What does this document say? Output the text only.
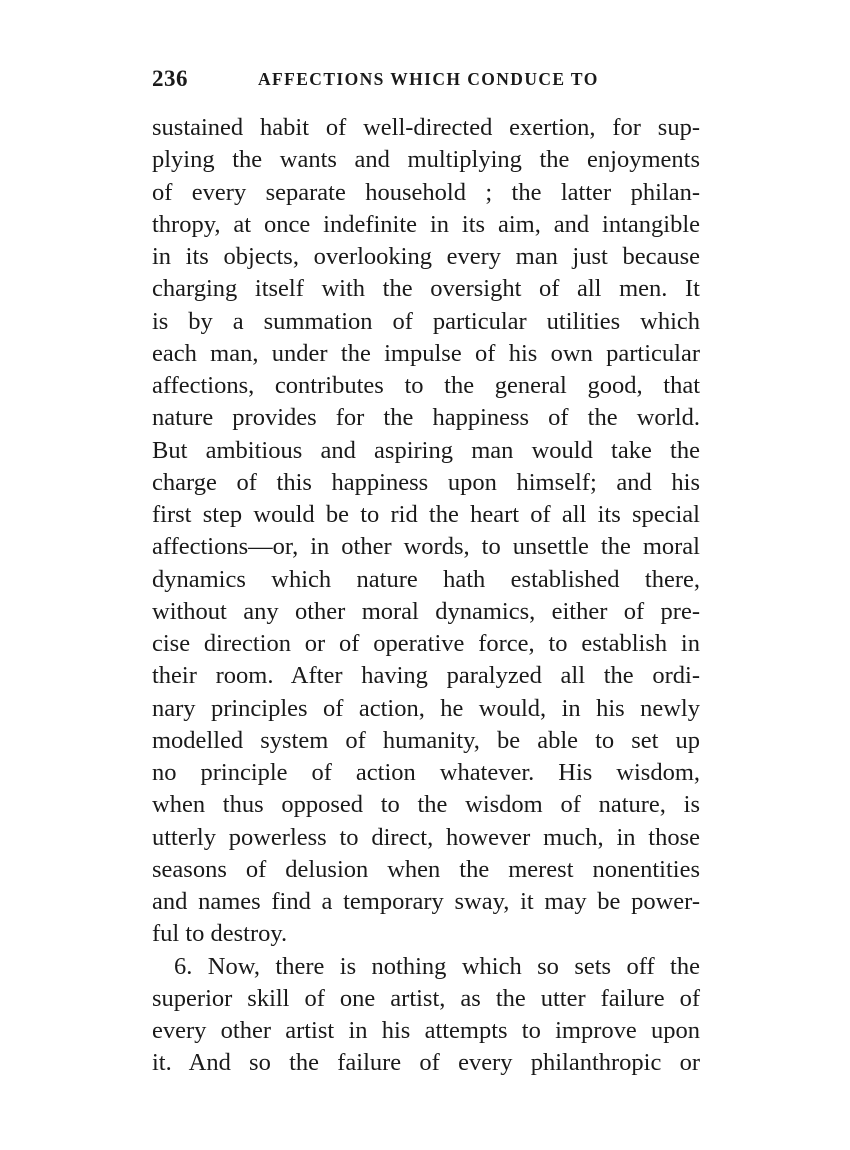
236	AFFECTIONS WHICH CONDUCE TO
sustained habit of well-directed exertion, for sup-
plying the wants and multiplying the enjoyments
of every separate household ; the latter philan-
thropy, at once indefinite in its aim, and intangible
in its objects, overlooking every man just because
charging itself with the oversight of all men. It
is by a summation of particular utilities which
each man, under the impulse of his own particular
affections, contributes to the general good, that
nature provides for the happiness of the world.
But ambitious and aspiring man would take the
charge of this happiness upon himself; and his
first step would be to rid the heart of all its special
affections—or, in other words, to unsettle the moral
dynamics which nature hath established there,
without any other moral dynamics, either of pre-
cise direction or of operative force, to establish in
their room. After having paralyzed all the ordi-
nary principles of action, he would, in his newly
modelled system of humanity, be able to set up
no principle of action whatever. His wisdom,
when thus opposed to the wisdom of nature, is
utterly powerless to direct, however much, in those
seasons of delusion when the merest nonentities
and names find a temporary sway, it may be power-
ful to destroy.
6. Now, there is nothing which so sets off the
superior skill of one artist, as the utter failure of
every other artist in his attempts to improve upon
it. And so the failure of every philanthropic or
